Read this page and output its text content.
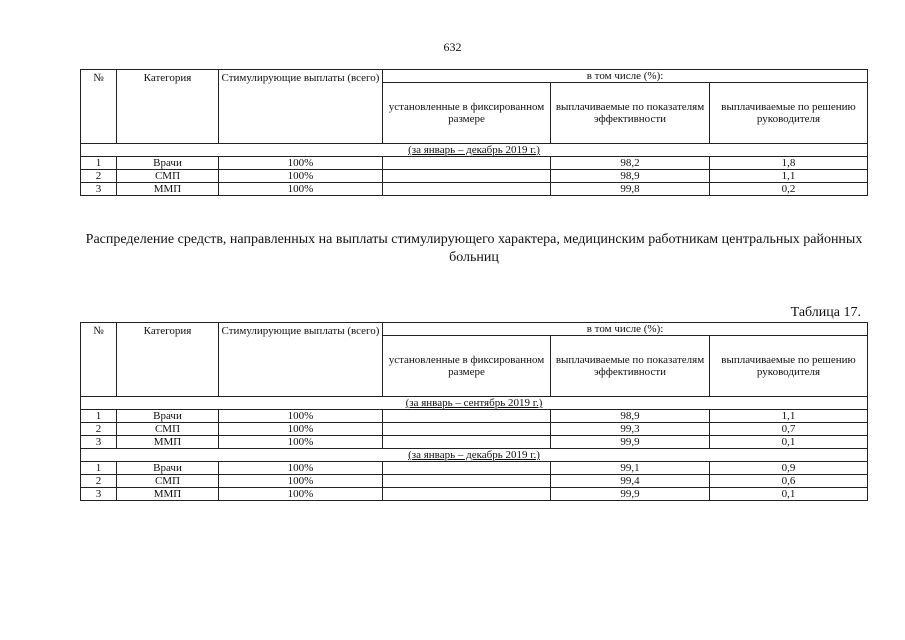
632
№	Категория	Стимулирующие выплаты (всего)	в том числе (%):		
			установленные в фиксированном размере	выплачиваемые по показателям эффективности	выплачиваемые по решению руководителя
(за январь – декабрь 2019 г.)					
1	Врачи	100%		98,2	1,8
2	СМП	100%		98,9	1,1
3	ММП	100%		99,8	0,2
Распределение средств, направленных на выплаты стимулирующего характера, медицинским работникам центральных районных больниц
Таблица 17.
№	Категория	Стимулирующие выплаты (всего)	в том числе (%):		
			установленные в фиксированном размере	выплачиваемые по показателям эффективности	выплачиваемые по решению руководителя
(за январь – сентябрь 2019 г.)					
1	Врачи	100%		98,9	1,1
2	СМП	100%		99,3	0,7
3	ММП	100%		99,9	0,1
(за январь – декабрь 2019 г.)					
1	Врачи	100%		99,1	0,9
2	СМП	100%		99,4	0,6
3	ММП	100%		99,9	0,1
